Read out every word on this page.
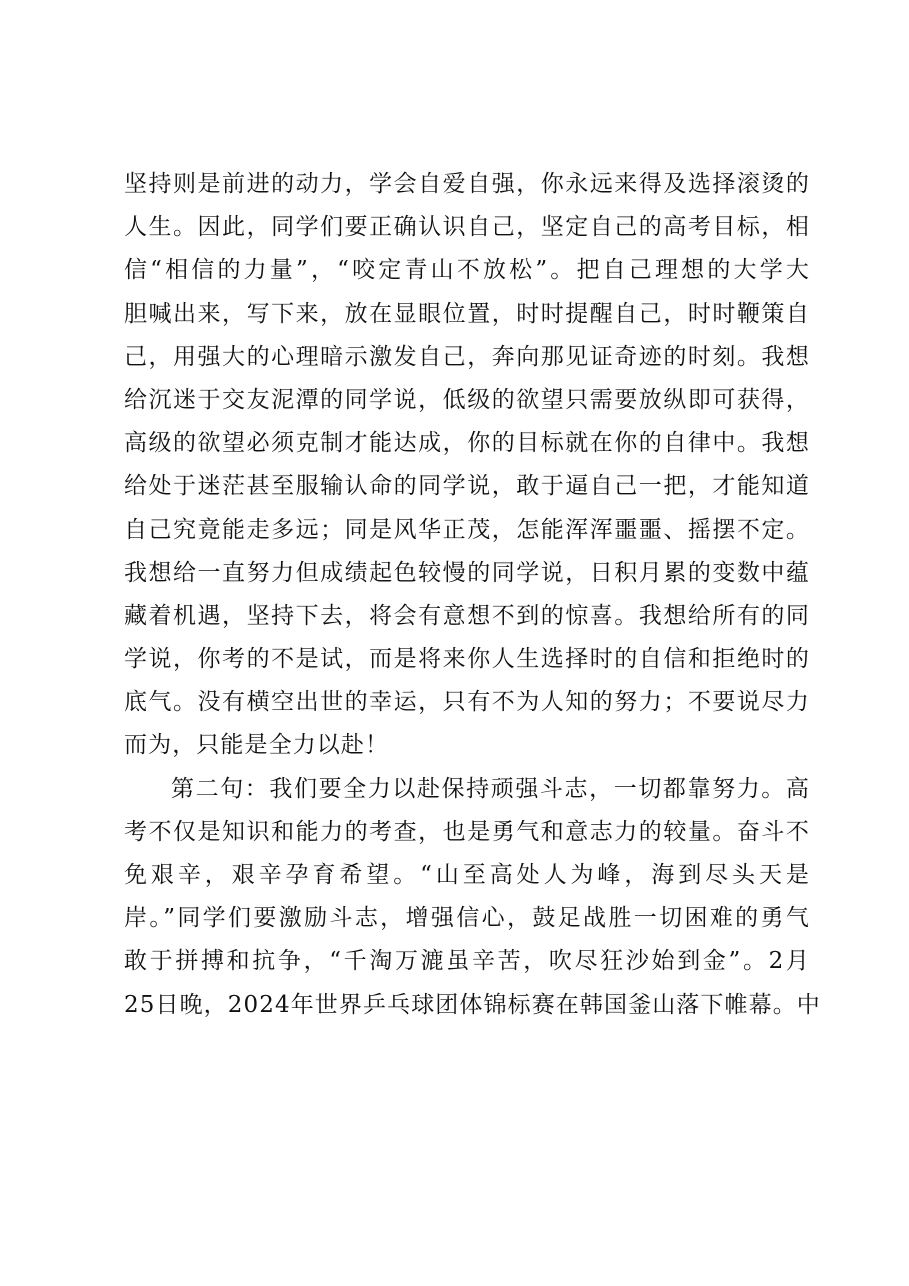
坚持则是前进的动力，学会自爱自强，你永远来得及选择滚烫的
人生。因此，同学们要正确认识自己，坚定自己的高考目标，相
信“相信的力量”，“咬定青山不放松”。把自己理想的大学大
胆喊出来，写下来，放在显眼位置，时时提醒自己，时时鞭策自
己，用强大的心理暗示激发自己，奔向那见证奇迹的时刻。我想
给沉迷于交友泥潭的同学说，低级的欲望只需要放纵即可获得，
高级的欲望必须克制才能达成，你的目标就在你的自律中。我想
给处于迷茫甚至服输认命的同学说，敢于逼自己一把，才能知道
自己究竟能走多远；同是风华正茂，怎能浑浑噩噩、摇摆不定。
我想给一直努力但成绩起色较慢的同学说，日积月累的变数中蕴
藏着机遇，坚持下去，将会有意想不到的惊喜。我想给所有的同
学说，你考的不是试，而是将来你人生选择时的自信和拒绝时的
底气。没有横空出世的幸运，只有不为人知的努力；不要说尽力
而为，只能是全力以赴！
第二句：我们要全力以赴保持顽强斗志，一切都靠努力。高
考不仅是知识和能力的考查，也是勇气和意志力的较量。奋斗不
免艰辛，艰辛孕育希望。“山至高处人为峰，海到尽头天是
岸。”同学们要激励斗志，增强信心，鼓足战胜一切困难的勇气
敢于拼搏和抗争，“千淘万漉虽辛苦，吹尽狂沙始到金”。2月
25日晚，2024年世界乒乓球团体锦标赛在韩国釜山落下帷幕。中
